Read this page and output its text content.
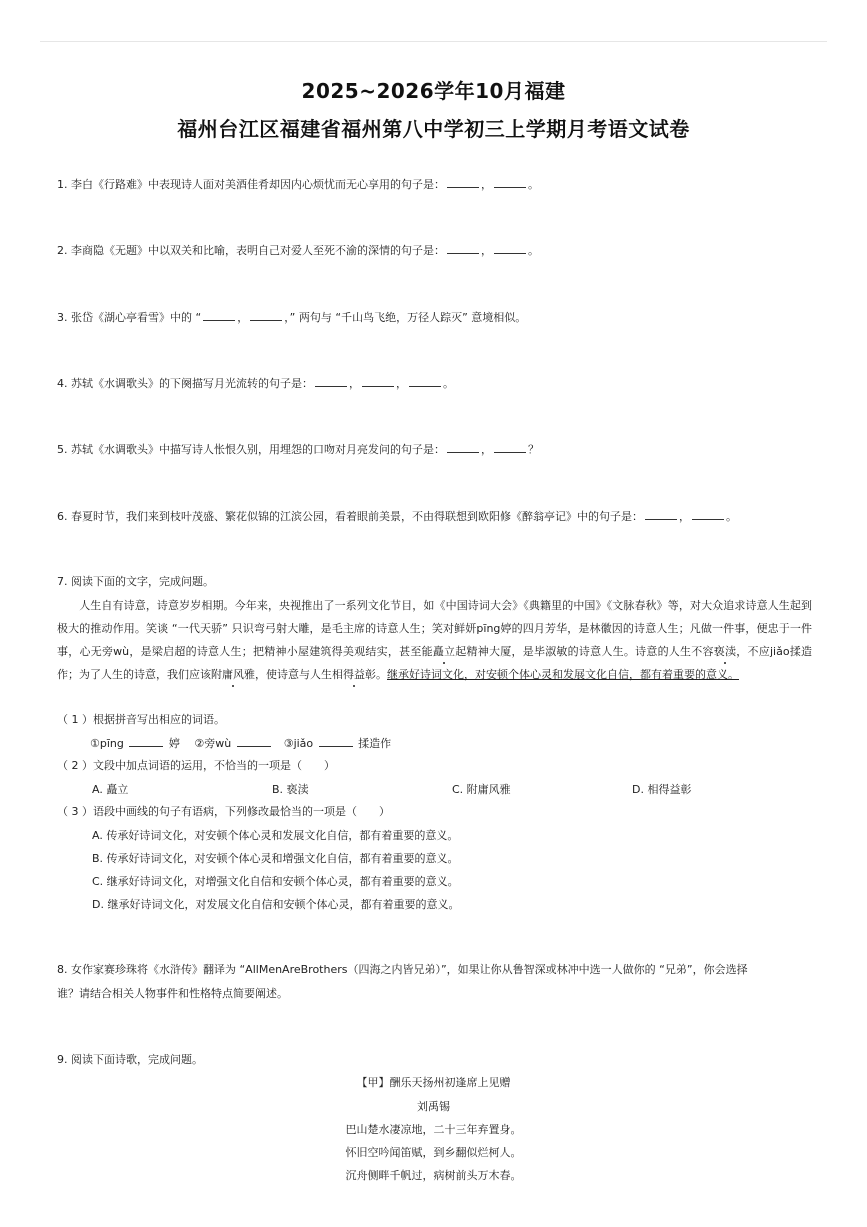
2025~2026学年10月福建
福州台江区福建省福州第八中学初三上学期月考语文试卷
1. 李白《行路难》中表现诗人面对美酒佳肴却因内心烦忧而无心享用的句子是：	，	。
2. 李商隐《无题》中以双关和比喻，表明自己对爱人至死不渝的深情的句子是：	，	。
3. 张岱《湖心亭看雪》中的 “	，	，” 两句与 “千山鸟飞绝，万径人踪灭” 意境相似。
4. 苏轼《水调歌头》的下阕描写月光流转的句子是：	，	，	。
5. 苏轼《水调歌头》中描写诗人怅恨久别，用埋怨的口吻对月亮发问的句子是：	，	？
6. 春夏时节，我们来到枝叶茂盛、繁花似锦的江滨公园，看着眼前美景，不由得联想到欧阳修《醉翁亭记》中的句子是：	，	。
7. 阅读下面的文字，完成问题。
　　人生自有诗意，诗意岁岁相期。今年来，央视推出了一系列文化节目，如《中国诗词大会》《典籍里的中国》《文脉春秋》等，对大众追求诗意人生起到极大的推动作用。笑谈 “一代天骄” 只识弯弓射大雕，是毛主席的诗意人生；笑对鲜妍pīng婷的四月芳华，是林徽因的诗意人生；凡做一件事，便忠于一件事，心无旁wù，是梁启超的诗意人生；把精神小屋建筑得美观结实，甚至能矗立起精神大厦，是毕淑敏的诗意人生。诗意的人生不容亵渎，不应jiǎo揉造作；为了人生的诗意，我们应该附庸风雅，使诗意与人生相得益彰。继承好诗词文化，对安顿个体心灵和发展文化自信，都有着重要的意义。
（ 1 ）根据拼音写出相应的词语。
①pīng	婷　 ②旁wù 　	③jiǎo	揉造作
（ 2 ）文段中加点词语的运用，不恰当的一项是（　　）
A. 矗立	B. 亵渎	C. 附庸风雅	D. 相得益彰
（ 3 ）语段中画线的句子有语病，下列修改最恰当的一项是（　　）
A. 传承好诗词文化，对安顿个体心灵和发展文化自信，都有着重要的意义。
B. 传承好诗词文化，对安顿个体心灵和增强文化自信，都有着重要的意义。
C. 继承好诗词文化，对增强文化自信和安顿个体心灵，都有着重要的意义。
D. 继承好诗词文化，对发展文化自信和安顿个体心灵，都有着重要的意义。
8. 女作家赛珍珠将《水浒传》翻译为 “AllMenAreBrothers（四海之内皆兄弟）”，如果让你从鲁智深或林冲中选一人做你的 “兄弟”，你会选择
谁？请结合相关人物事件和性格特点简要阐述。
9. 阅读下面诗歌，完成问题。
【甲】酬乐天扬州初逢席上见赠
刘禹锡
巴山楚水凄凉地，二十三年弃置身。
怀旧空吟闻笛赋，到乡翻似烂柯人。
沉舟侧畔千帆过，病树前头万木春。
